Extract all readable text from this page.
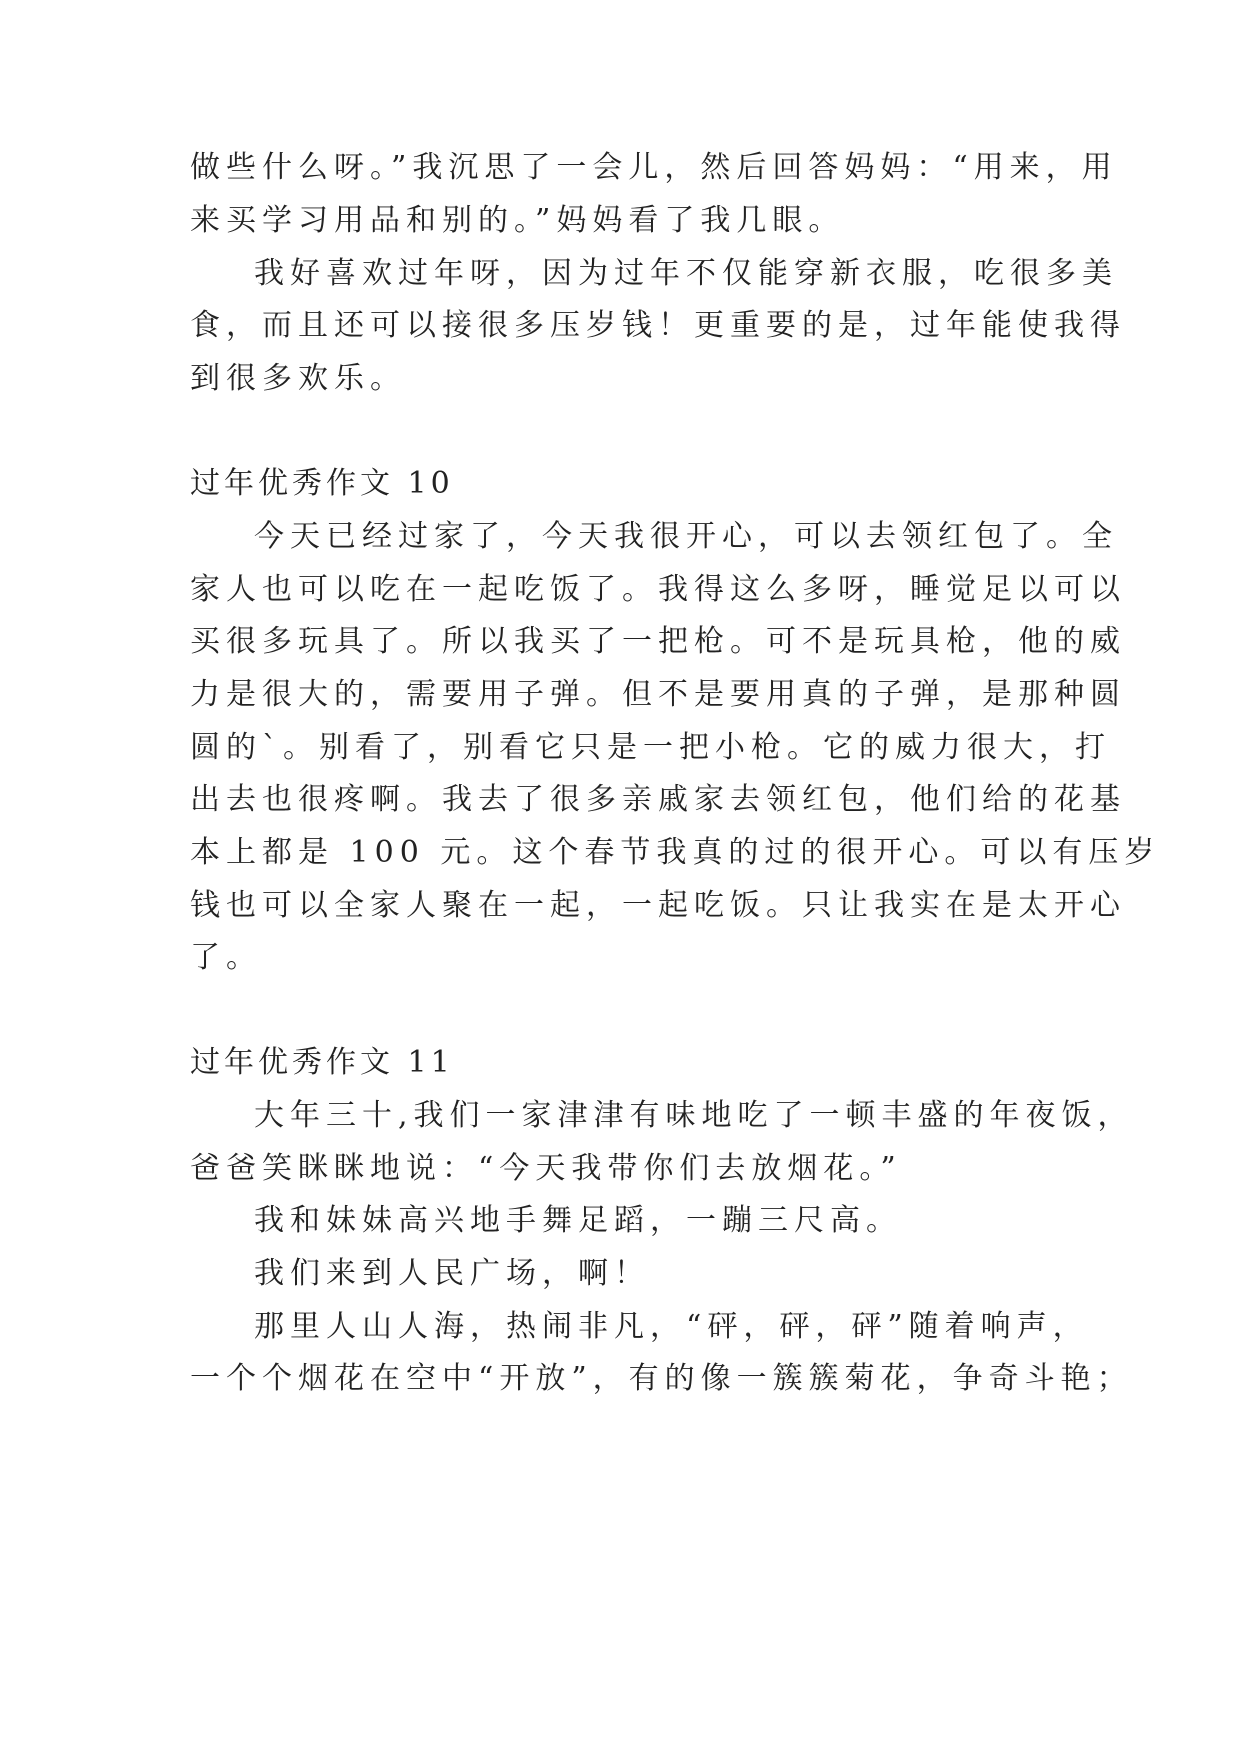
做些什么呀。”我沉思了一会儿，然后回答妈妈：“用来，用
来买学习用品和别的。”妈妈看了我几眼。
我好喜欢过年呀，因为过年不仅能穿新衣服，吃很多美
食，而且还可以接很多压岁钱！更重要的是，过年能使我得
到很多欢乐。
过年优秀作文 10
今天已经过家了，今天我很开心，可以去领红包了。全
家人也可以吃在一起吃饭了。我得这么多呀，睡觉足以可以
买很多玩具了。所以我买了一把枪。可不是玩具枪，他的威
力是很大的，需要用子弹。但不是要用真的子弹，是那种圆
圆的`。别看了，别看它只是一把小枪。它的威力很大，打
出去也很疼啊。我去了很多亲戚家去领红包，他们给的花基
本上都是 100 元。这个春节我真的过的很开心。可以有压岁
钱也可以全家人聚在一起，一起吃饭。只让我实在是太开心
了。
过年优秀作文 11
大年三十,我们一家津津有味地吃了一顿丰盛的年夜饭，
爸爸笑眯眯地说：“今天我带你们去放烟花。”
我和妹妹高兴地手舞足蹈，一蹦三尺高。
我们来到人民广场，啊！
那里人山人海，热闹非凡，“砰，砰，砰”随着响声，
一个个烟花在空中“开放”，有的像一簇簇菊花，争奇斗艳；
